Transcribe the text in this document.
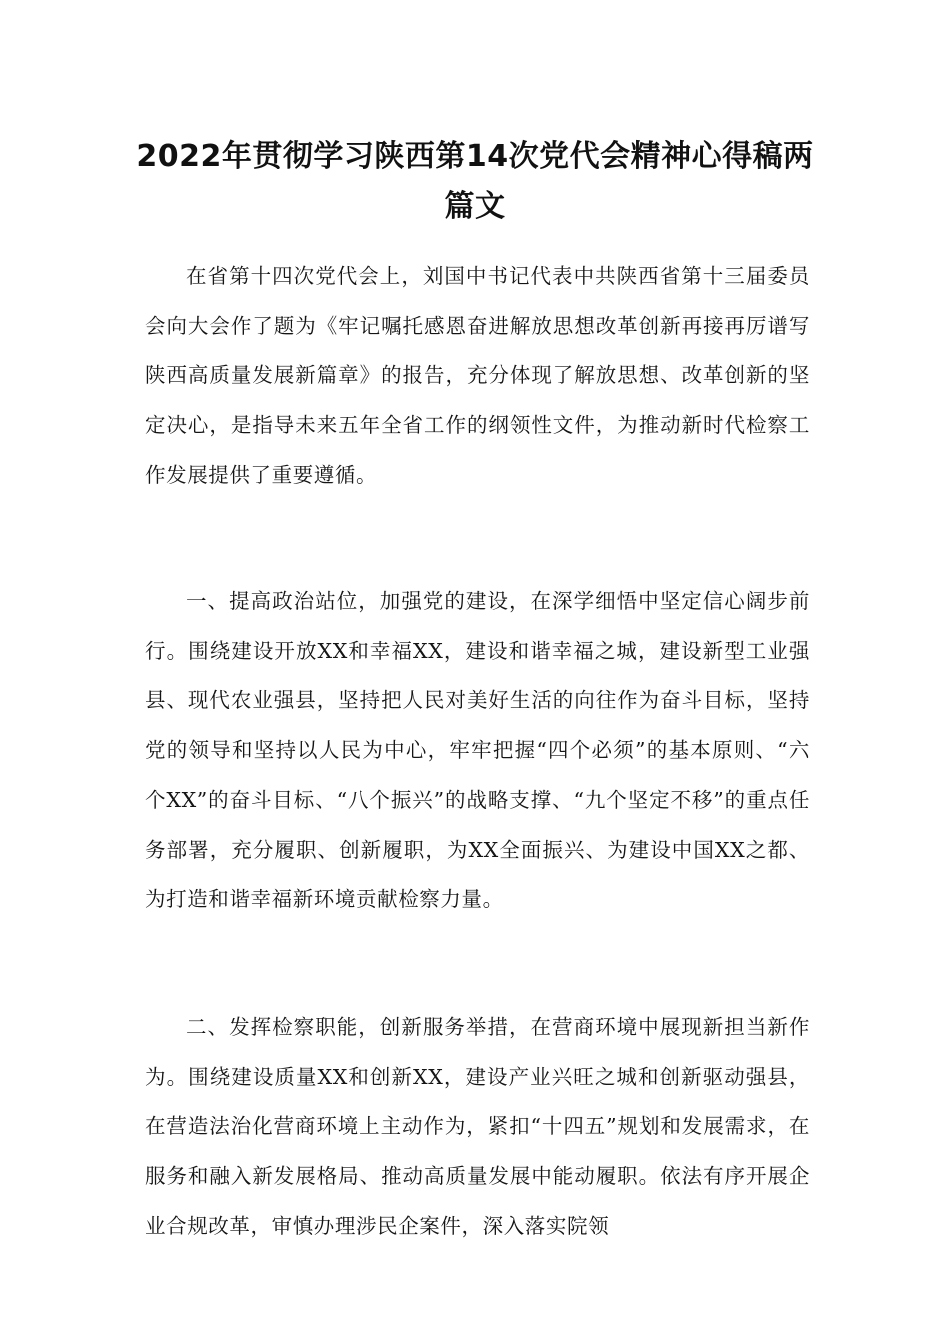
2022年贯彻学习陕西第14次党代会精神心得稿两篇文

在省第十四次党代会上，刘国中书记代表中共陕西省第十三届委员会向大会作了题为《牢记嘱托感恩奋进解放思想改革创新再接再厉谱写陕西高质量发展新篇章》的报告，充分体现了解放思想、改革创新的坚定决心，是指导未来五年全省工作的纲领性文件，为推动新时代检察工作发展提供了重要遵循。

一、提高政治站位，加强党的建设，在深学细悟中坚定信心阔步前行。围绕建设开放XX和幸福XX，建设和谐幸福之城，建设新型工业强县、现代农业强县，坚持把人民对美好生活的向往作为奋斗目标，坚持党的领导和坚持以人民为中心，牢牢把握“四个必须”的基本原则、“六个XX”的奋斗目标、“八个振兴”的战略支撑、“九个坚定不移”的重点任务部署，充分履职、创新履职，为XX全面振兴、为建设中国XX之都、为打造和谐幸福新环境贡献检察力量。

二、发挥检察职能，创新服务举措，在营商环境中展现新担当新作为。围绕建设质量XX和创新XX，建设产业兴旺之城和创新驱动强县，在营造法治化营商环境上主动作为，紧扣“十四五”规划和发展需求，在服务和融入新发展格局、推动高质量发展中能动履职。依法有序开展企业合规改革，审慎办理涉民企案件，深入落实院领
